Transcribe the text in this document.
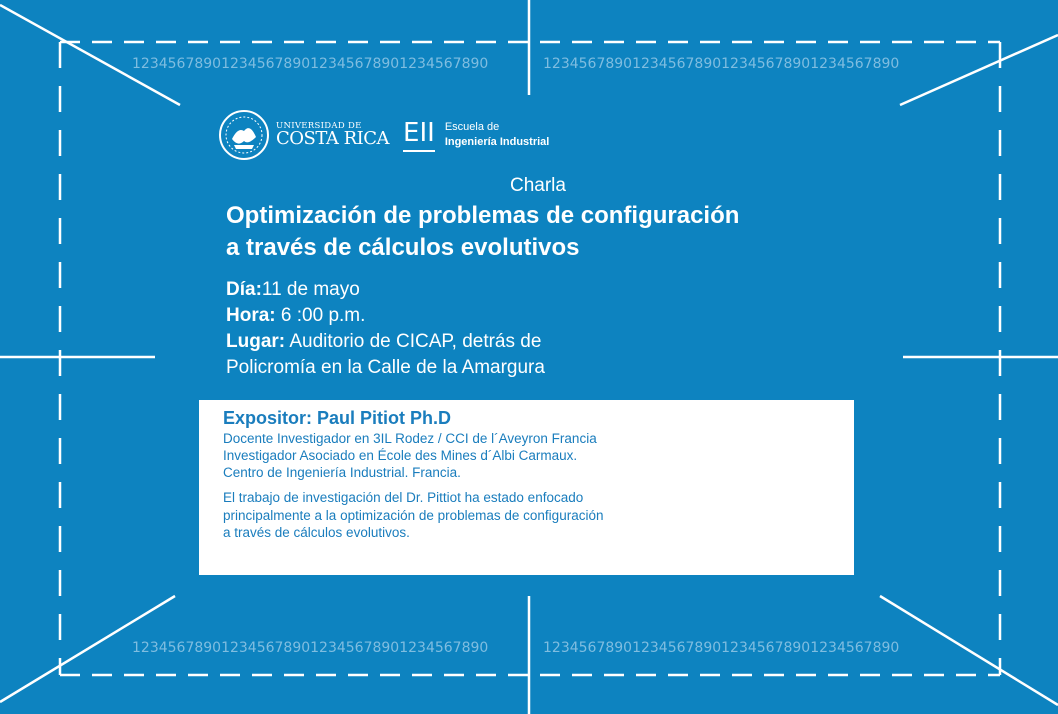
1234567890123456789012345678901234567890	1234567890123456789012345678901234567890
1234567890123456789012345678901234567890	1234567890123456789012345678901234567890
UNIVERSIDAD DE
COSTA RICA EII Escuela de
Ingeniería Industrial
Charla
Optimización de problemas de configuración
a través de cálculos evolutivos
Día:11 de mayo
Hora: 6 :00 p.m.
Lugar: Auditorio de CICAP, detrás de
Policromía en la Calle de la Amargura
Expositor: Paul Pitiot Ph.D
Docente Investigador en 3IL Rodez / CCI de l´Aveyron Francia
Investigador Asociado en École des Mines d´Albi Carmaux.
Centro de Ingeniería Industrial. Francia.
El trabajo de investigación del Dr. Pittiot ha estado enfocado
principalmente a la optimización de problemas de configuración
a través de cálculos evolutivos.
